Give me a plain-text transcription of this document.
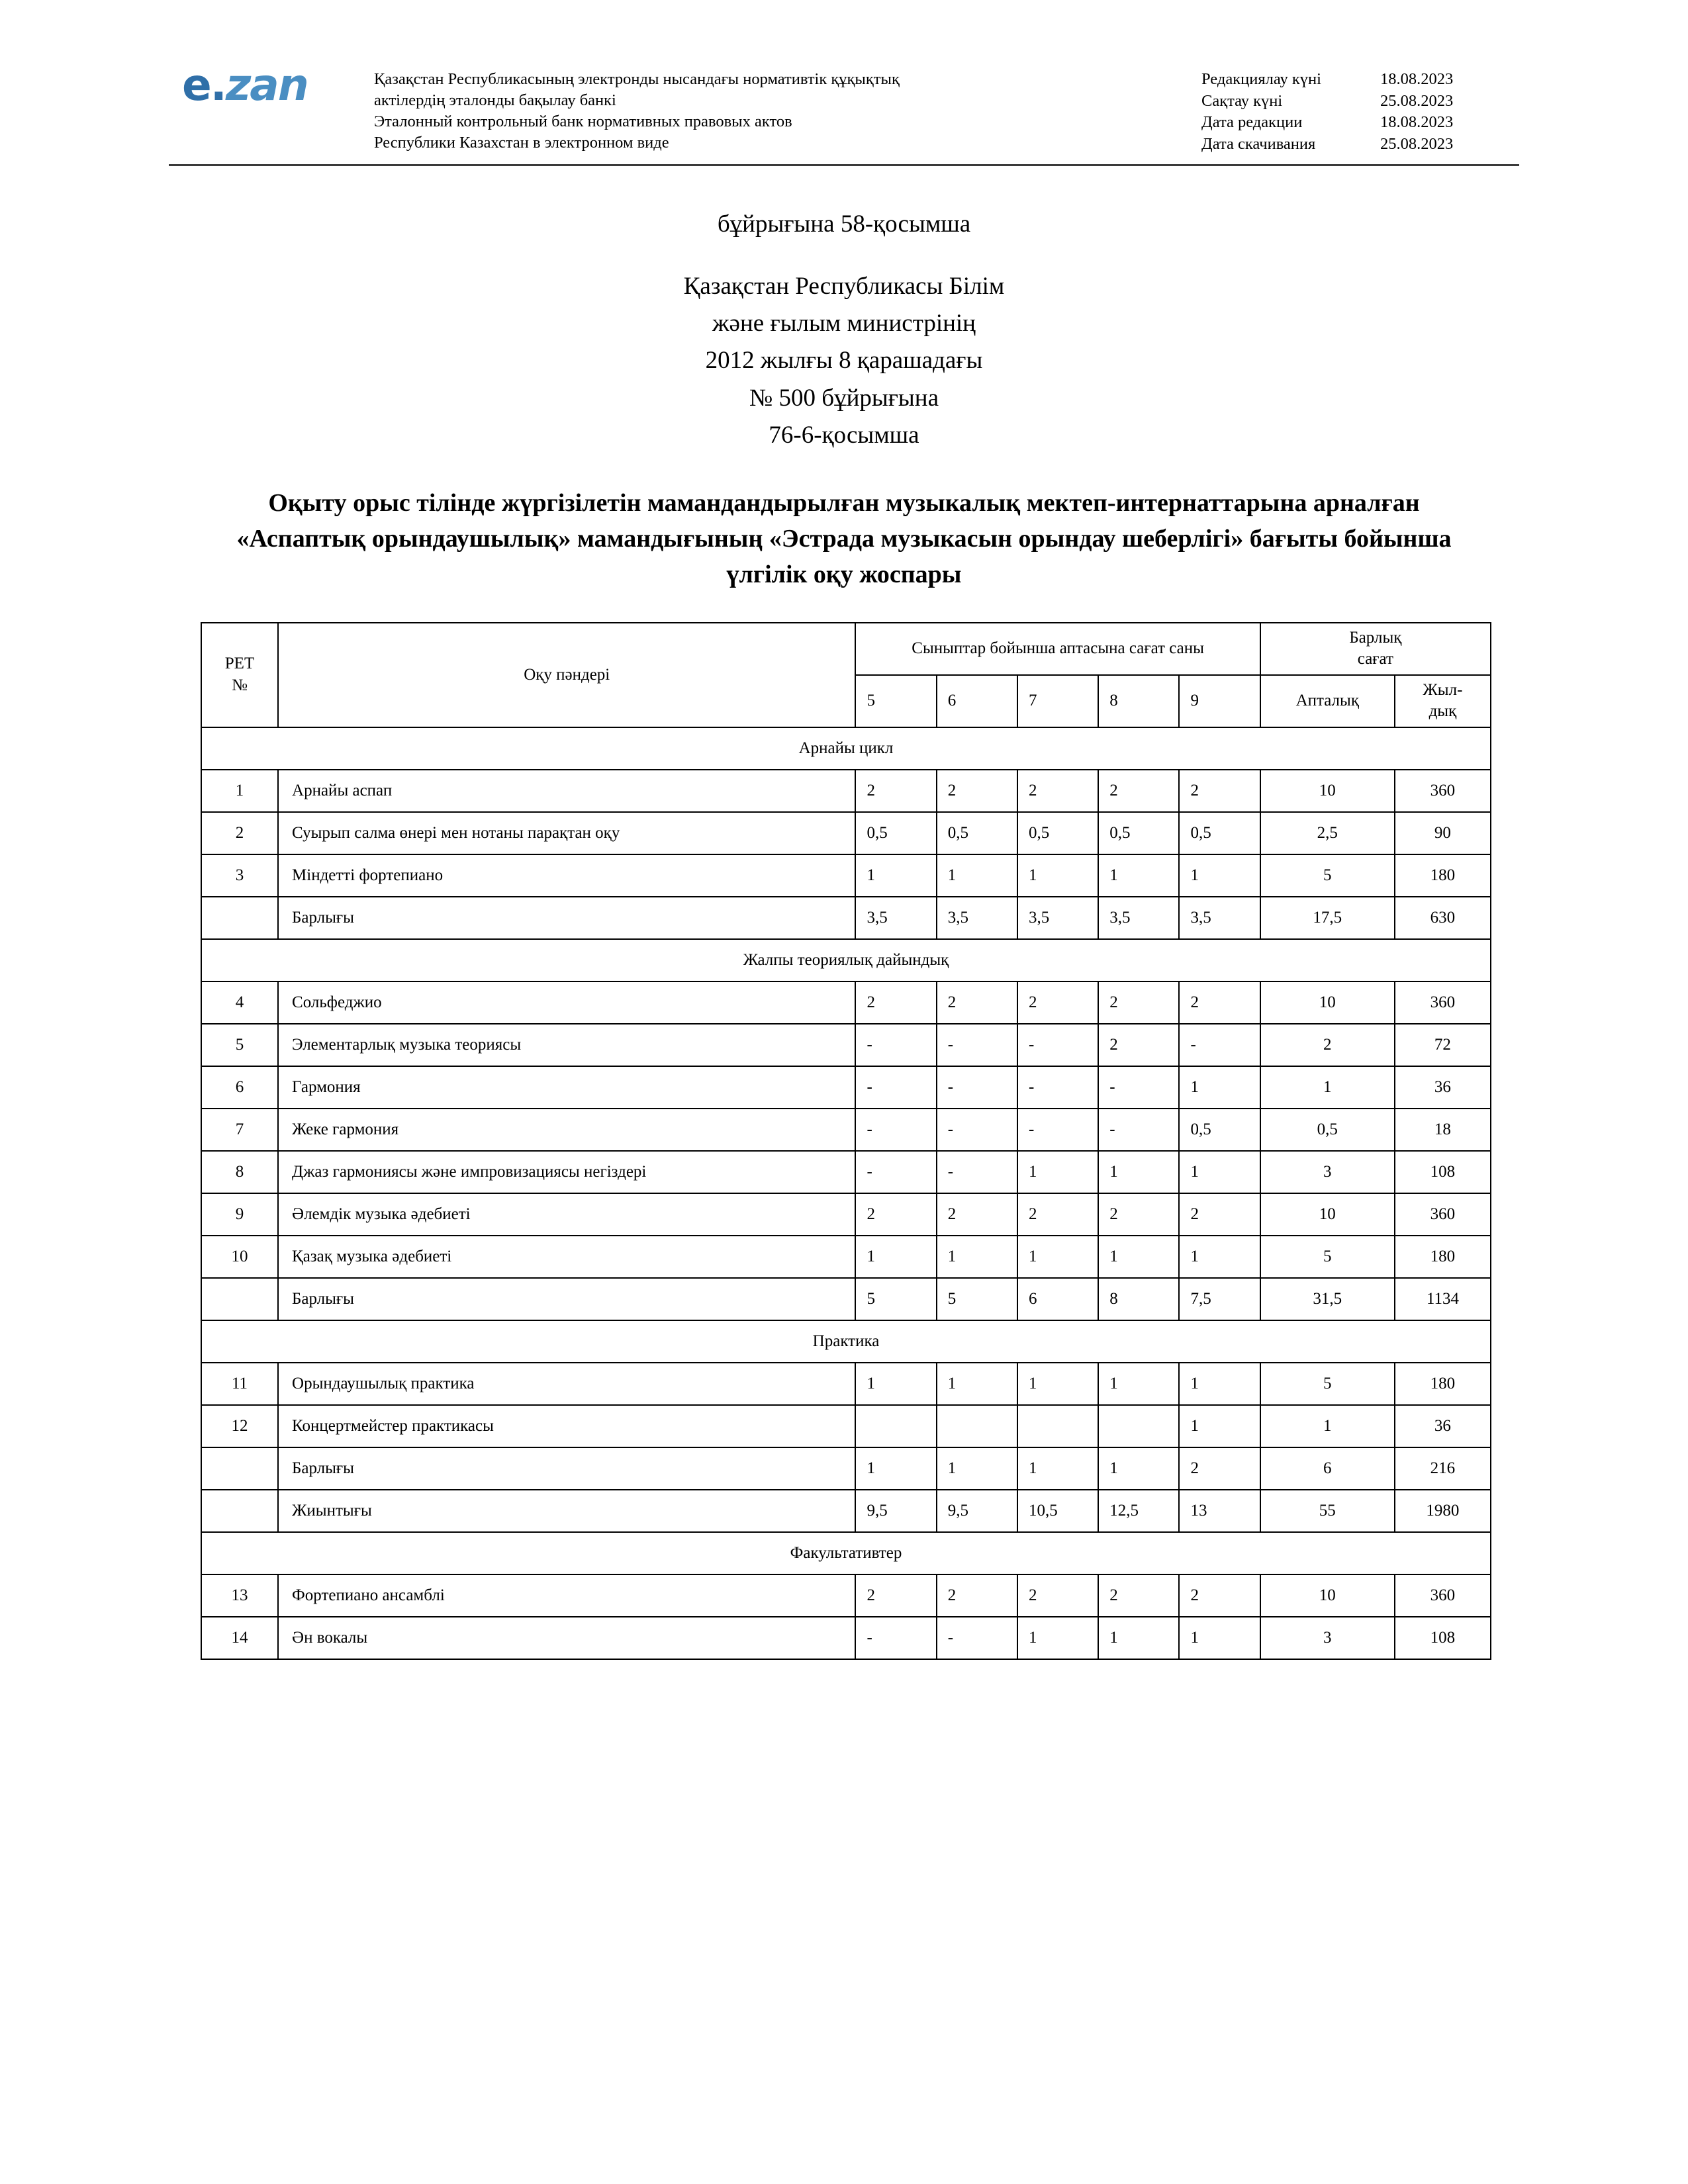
e.zan	Қазақстан Республикасының электронды нысандағы нормативтік құқықтық
актілердің эталонды бақылау банкі
Эталонный контрольный банк нормативных правовых актов
Республики Казахстан в электронном виде
Редакциялау күні	18.08.2023
Сақтау күні	25.08.2023
Дата редакции	18.08.2023
Дата скачивания	25.08.2023
бұйрығына 58-қосымша
Қазақстан Республикасы Білім
және ғылым министрінің
2012 жылғы 8 қарашадағы
№ 500 бұйрығына
76-6-қосымша
Оқыту орыс тілінде жүргізілетін мамандандырылған музыкалық мектеп-интернаттарына арналған «Аспаптық орындаушылық» мамандығының «Эстрада музыкасын орындау шеберлігі» бағыты бойынша үлгілік оқу жоспары
РЕТ
№	Оқу пәндері	Сыныптар бойынша аптасына сағат саны					Барлық
сағат	
		5	6	7	8	9	Апталық	Жыл-
дық
Арнайы цикл								
1	Арнайы аспап	2	2	2	2	2	10	360
2	Суырып салма өнері мен нотаны парақтан оқу	0,5	0,5	0,5	0,5	0,5	2,5	90
3	Міндетті фортепиано	1	1	1	1	1	5	180
	Барлығы	3,5	3,5	3,5	3,5	3,5	17,5	630
Жалпы теориялық дайындық								
4	Сольфеджио	2	2	2	2	2	10	360
5	Элементарлық музыка теориясы	-	-	-	2	-	2	72
6	Гармония	-	-	-	-	1	1	36
7	Жеке гармония	-	-	-	-	0,5	0,5	18
8	Джаз гармониясы және импровизациясы негіздері	-	-	1	1	1	3	108
9	Әлемдік музыка әдебиеті	2	2	2	2	2	10	360
10	Қазақ музыка әдебиеті	1	1	1	1	1	5	180
	Барлығы	5	5	6	8	7,5	31,5	1134
Практика								
11	Орындаушылық практика	1	1	1	1	1	5	180
12	Концертмейстер практикасы					1	1	36
	Барлығы	1	1	1	1	2	6	216
	Жиынтығы	9,5	9,5	10,5	12,5	13	55	1980
Факультативтер								
13	Фортепиано ансамблі	2	2	2	2	2	10	360
14	Ән вокалы	-	-	1	1	1	3	108
